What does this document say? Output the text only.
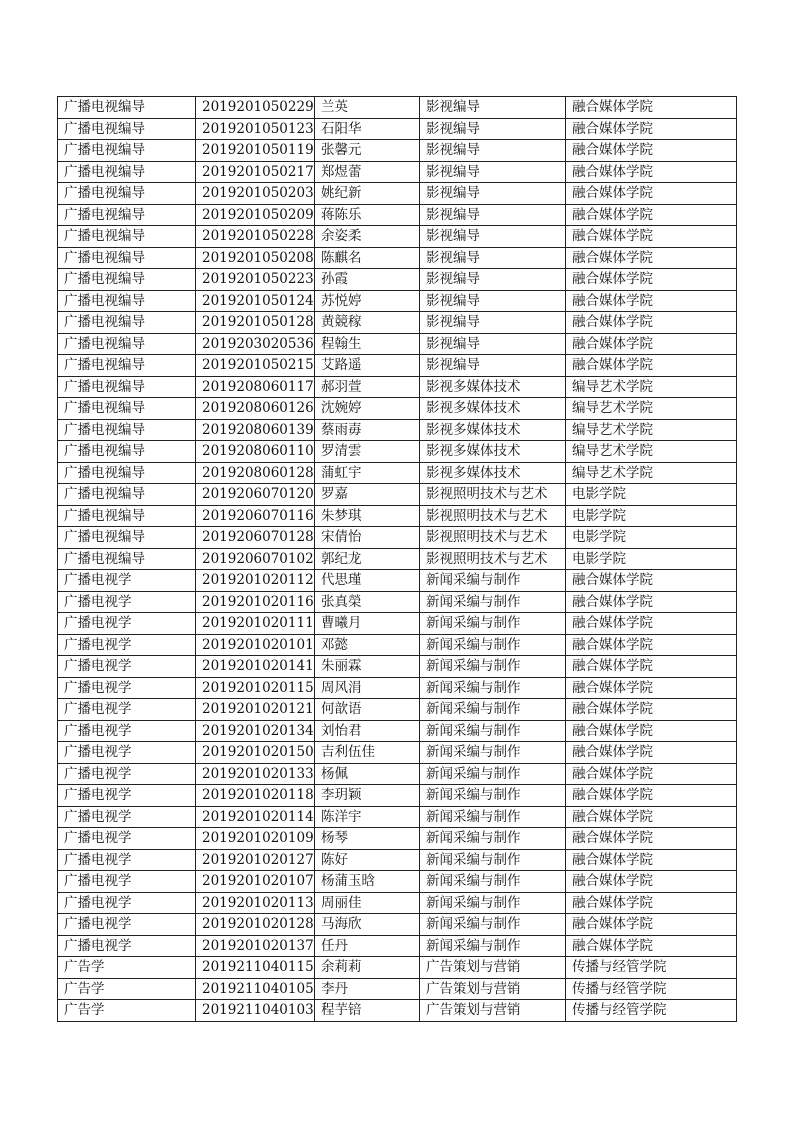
广播电视编导	2019201050229	兰英	影视编导	融合媒体学院
广播电视编导	2019201050123	石阳华	影视编导	融合媒体学院
广播电视编导	2019201050119	张馨元	影视编导	融合媒体学院
广播电视编导	2019201050217	郑煜蕾	影视编导	融合媒体学院
广播电视编导	2019201050203	姚纪新	影视编导	融合媒体学院
广播电视编导	2019201050209	蒋陈乐	影视编导	融合媒体学院
广播电视编导	2019201050228	余姿柔	影视编导	融合媒体学院
广播电视编导	2019201050208	陈麒名	影视编导	融合媒体学院
广播电视编导	2019201050223	孙霞	影视编导	融合媒体学院
广播电视编导	2019201050124	苏悦婷	影视编导	融合媒体学院
广播电视编导	2019201050128	黄競稼	影视编导	融合媒体学院
广播电视编导	2019203020536	程翰生	影视编导	融合媒体学院
广播电视编导	2019201050215	艾路遥	影视编导	融合媒体学院
广播电视编导	2019208060117	郝羽萱	影视多媒体技术	编导艺术学院
广播电视编导	2019208060126	沈婉婷	影视多媒体技术	编导艺术学院
广播电视编导	2019208060139	蔡雨毐	影视多媒体技术	编导艺术学院
广播电视编导	2019208060110	罗清雲	影视多媒体技术	编导艺术学院
广播电视编导	2019208060128	蒲虹宇	影视多媒体技术	编导艺术学院
广播电视编导	2019206070120	罗嘉	影视照明技术与艺术	电影学院
广播电视编导	2019206070116	朱梦琪	影视照明技术与艺术	电影学院
广播电视编导	2019206070128	宋倩怡	影视照明技术与艺术	电影学院
广播电视编导	2019206070102	郭纪龙	影视照明技术与艺术	电影学院
广播电视学	2019201020112	代思瑾	新闻采编与制作	融合媒体学院
广播电视学	2019201020116	张真榮	新闻采编与制作	融合媒体学院
广播电视学	2019201020111	曹曦月	新闻采编与制作	融合媒体学院
广播电视学	2019201020101	邓懿	新闻采编与制作	融合媒体学院
广播电视学	2019201020141	朱丽霖	新闻采编与制作	融合媒体学院
广播电视学	2019201020115	周风涓	新闻采编与制作	融合媒体学院
广播电视学	2019201020121	何歆语	新闻采编与制作	融合媒体学院
广播电视学	2019201020134	刘怡君	新闻采编与制作	融合媒体学院
广播电视学	2019201020150	吉利伍佳	新闻采编与制作	融合媒体学院
广播电视学	2019201020133	杨佩	新闻采编与制作	融合媒体学院
广播电视学	2019201020118	李玥颖	新闻采编与制作	融合媒体学院
广播电视学	2019201020114	陈洋宇	新闻采编与制作	融合媒体学院
广播电视学	2019201020109	杨琴	新闻采编与制作	融合媒体学院
广播电视学	2019201020127	陈好	新闻采编与制作	融合媒体学院
广播电视学	2019201020107	杨蒲玉晗	新闻采编与制作	融合媒体学院
广播电视学	2019201020113	周丽佳	新闻采编与制作	融合媒体学院
广播电视学	2019201020128	马海欣	新闻采编与制作	融合媒体学院
广播电视学	2019201020137	任丹	新闻采编与制作	融合媒体学院
广告学	2019211040115	余莉莉	广告策划与营销	传播与经管学院
广告学	2019211040105	李丹	广告策划与营销	传播与经管学院
广告学	2019211040103	程芋锫	广告策划与营销	传播与经管学院
